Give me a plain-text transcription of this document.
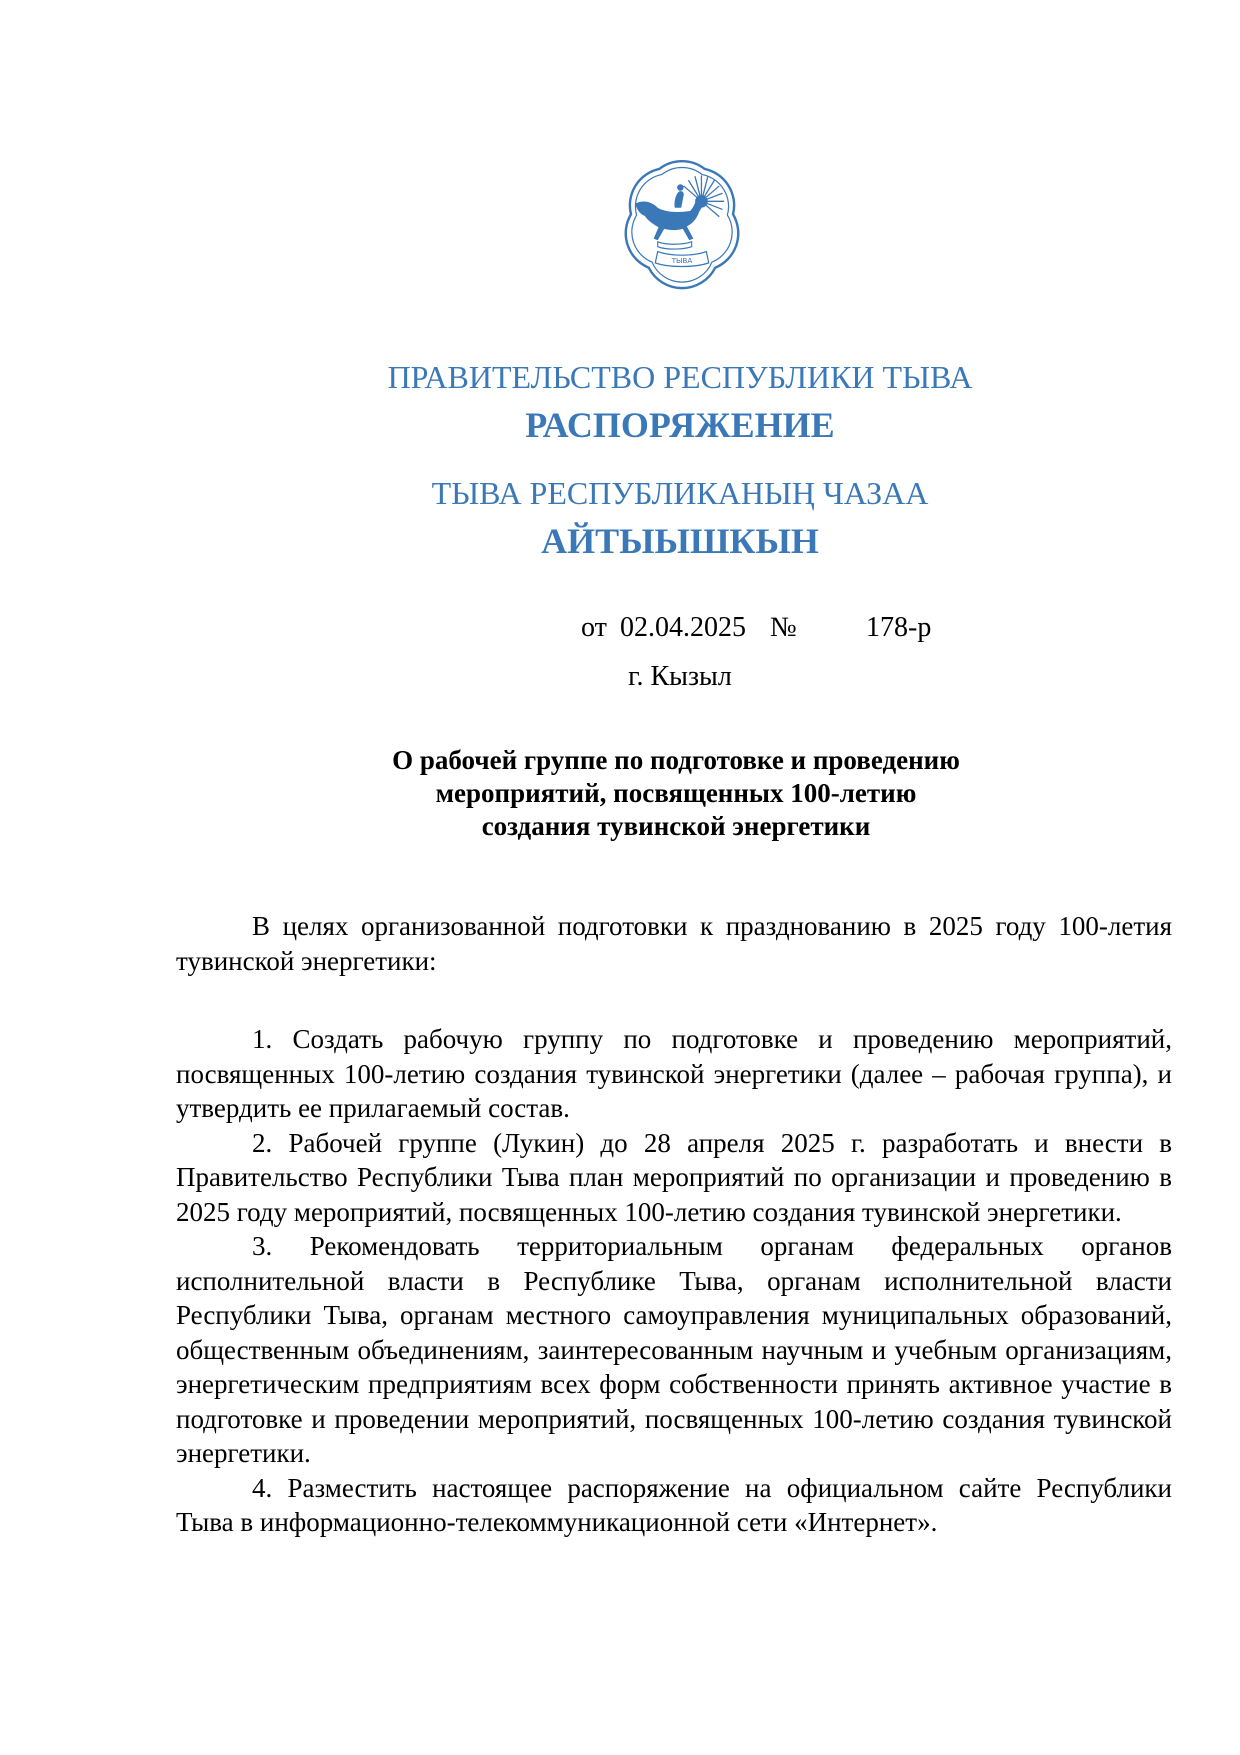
ТЫВА
ПРАВИТЕЛЬСТВО РЕСПУБЛИКИ ТЫВА
РАСПОРЯЖЕНИЕ
ТЫВА РЕСПУБЛИКАНЫҢ ЧАЗАА
АЙТЫЫШКЫН
от 02.04.2025 № 178-р
г. Кызыл
О рабочей группе по подготовке и проведению
мероприятий, посвященных 100-летию
создания тувинской энергетики

В целях организованной подготовки к празднованию в 2025 году 100-летия тувинской энергетики:

1. Создать рабочую группу по подготовке и проведению мероприятий, посвященных 100-летию создания тувинской энергетики (далее – рабочая группа), и утвердить ее прилагаемый состав.

2. Рабочей группе (Лукин) до 28 апреля 2025 г. разработать и внести в Правительство Республики Тыва план мероприятий по организации и проведению в 2025 году мероприятий, посвященных 100-летию создания тувинской энергетики.

3. Рекомендовать территориальным органам федеральных органов исполнительной власти в Республике Тыва, органам исполнительной власти Республики Тыва, органам местного самоуправления муниципальных образований, общественным объединениям, заинтересованным научным и учебным организациям, энергетическим предприятиям всех форм собственности принять активное участие в подготовке и проведении мероприятий, посвященных 100-летию создания тувинской энергетики.

4. Разместить настоящее распоряжение на официальном сайте Республики Тыва в информационно-телекоммуникационной сети «Интернет».
